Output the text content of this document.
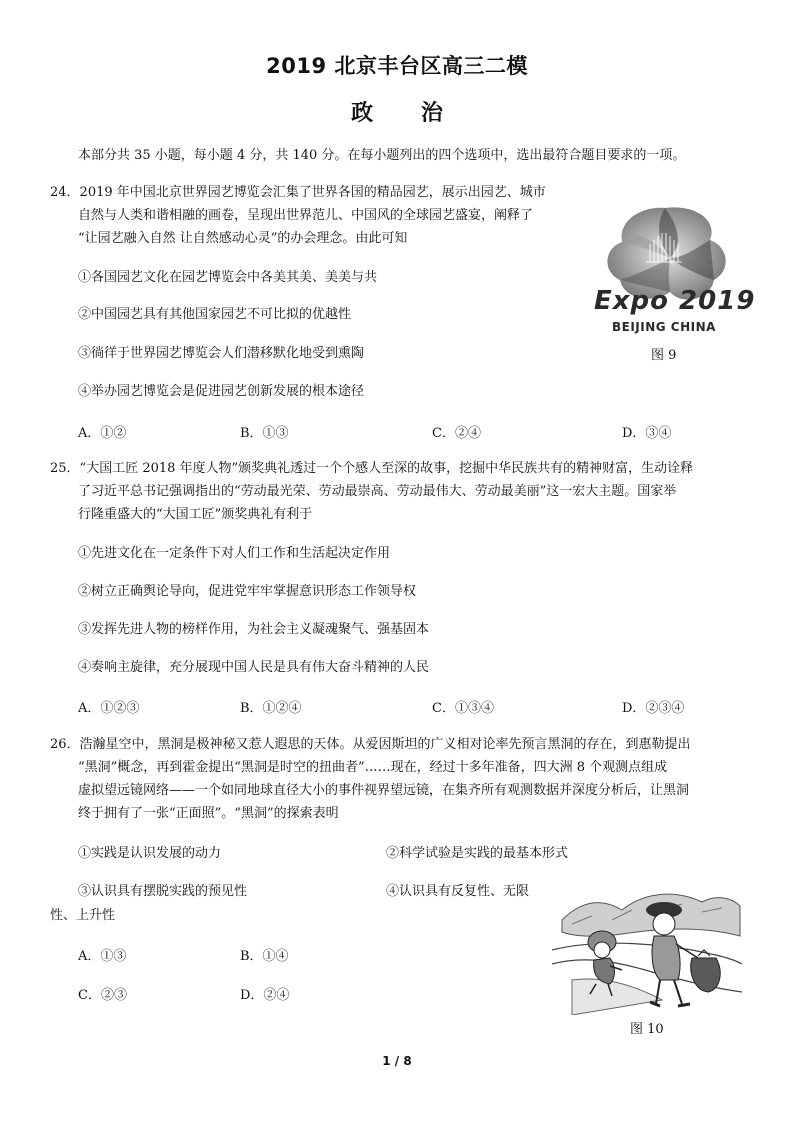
2019 北京丰台区高三二模
政 治
本部分共 35 小题，每小题 4 分，共 140 分。在每小题列出的四个选项中，选出最符合题目要求的一项。
24．2019 年中国北京世界园艺博览会汇集了世界各国的精品园艺，展示出园艺、城市
自然与人类和谐相融的画卷，呈现出世界范儿、中国风的全球园艺盛宴，阐释了
“让园艺融入自然 让自然感动心灵”的办会理念。由此可知
①各国园艺文化在园艺博览会中各美其美、美美与共
②中国园艺具有其他国家园艺不可比拟的优越性
③徜徉于世界园艺博览会人们潜移默化地受到熏陶
④举办园艺博览会是促进园艺创新发展的根本途径
A．①②	B．①③	C．②④	D．③④
Expo 2019
BEIJING CHINA
图 9
25．“大国工匠 2018 年度人物”颁奖典礼透过一个个感人至深的故事，挖掘中华民族共有的精神财富，生动诠释
了习近平总书记强调指出的“劳动最光荣、劳动最崇高、劳动最伟大、劳动最美丽”这一宏大主题。国家举
行隆重盛大的“大国工匠”颁奖典礼有利于
①先进文化在一定条件下对人们工作和生活起决定作用
②树立正确舆论导向，促进党牢牢掌握意识形态工作领导权
③发挥先进人物的榜样作用，为社会主义凝魂聚气、强基固本
④奏响主旋律，充分展现中国人民是具有伟大奋斗精神的人民
A．①②③	B．①②④	C．①③④	D．②③④
26．浩瀚星空中，黑洞是极神秘又惹人遐思的天体。从爱因斯坦的广义相对论率先预言黑洞的存在，到惠勒提出
“黑洞”概念，再到霍金提出“黑洞是时空的扭曲者”……现在，经过十多年准备，四大洲 8 个观测点组成
虚拟望远镜网络——一个如同地球直径大小的事件视界望远镜，在集齐所有观测数据并深度分析后，让黑洞
终于拥有了一张“正面照”。“黑洞”的探索表明
①实践是认识发展的动力	②科学试验是实践的最基本形式
③认识具有摆脱实践的预见性	④认识具有反复性、无限
性、上升性
A．①③	B．①④
C．②③	D．②④
图 10
1 / 8
